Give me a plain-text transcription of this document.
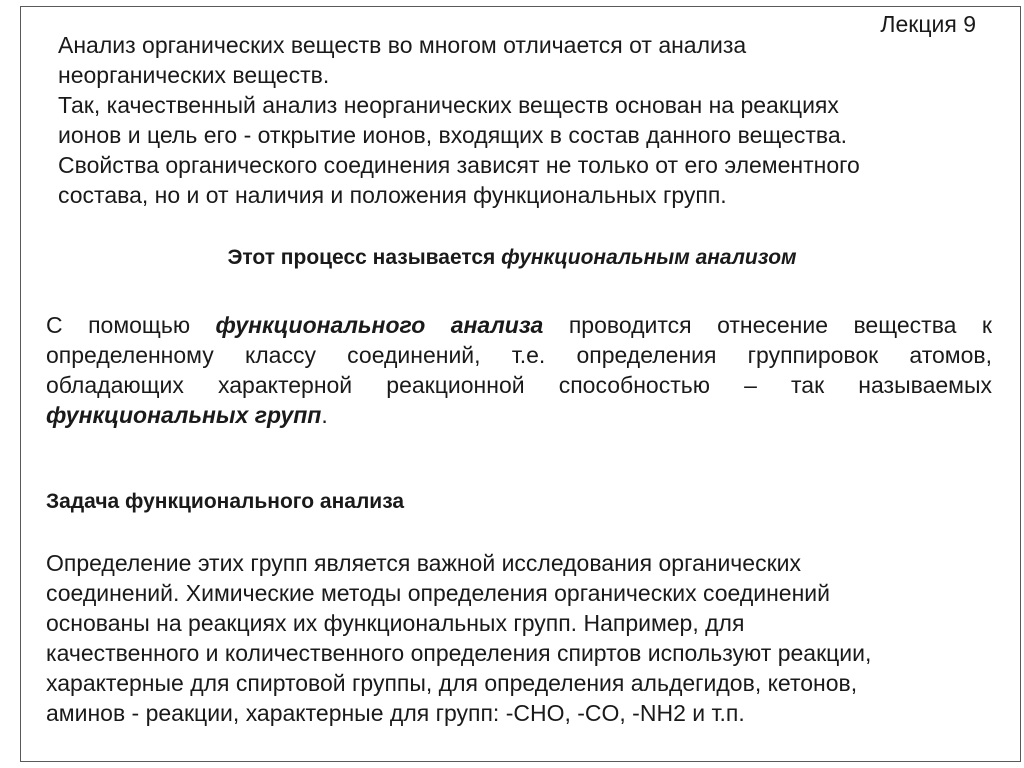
Лекция 9

Анализ органических веществ во многом отличается от анализа

неорганических веществ.

Так, качественный анализ неорганических веществ основан на реакциях

ионов и цель его - открытие ионов, входящих в состав данного вещества.

Свойства органического соединения зависят не только от его элементного

состава, но и от наличия и положения функциональных групп.

Этот процесс называется функциональным анализом
С помощью функционального анализа проводится отнесение вещества к
определенному классу соединений, т.е. определения группировок атомов,
обладающих характерной реакционной способностью – так называемых
функциональных групп.
Задача функционального анализа
Определение этих групп является важной исследования органических
соединений. Химические методы определения органических соединений
основаны на реакциях их функциональных групп. Например, для
качественного и количественного определения спиртов используют реакции,
характерные для спиртовой группы, для определения альдегидов, кетонов,
аминов - реакции, характерные для групп: -CHO, -CO, -NH2 и т.п.
